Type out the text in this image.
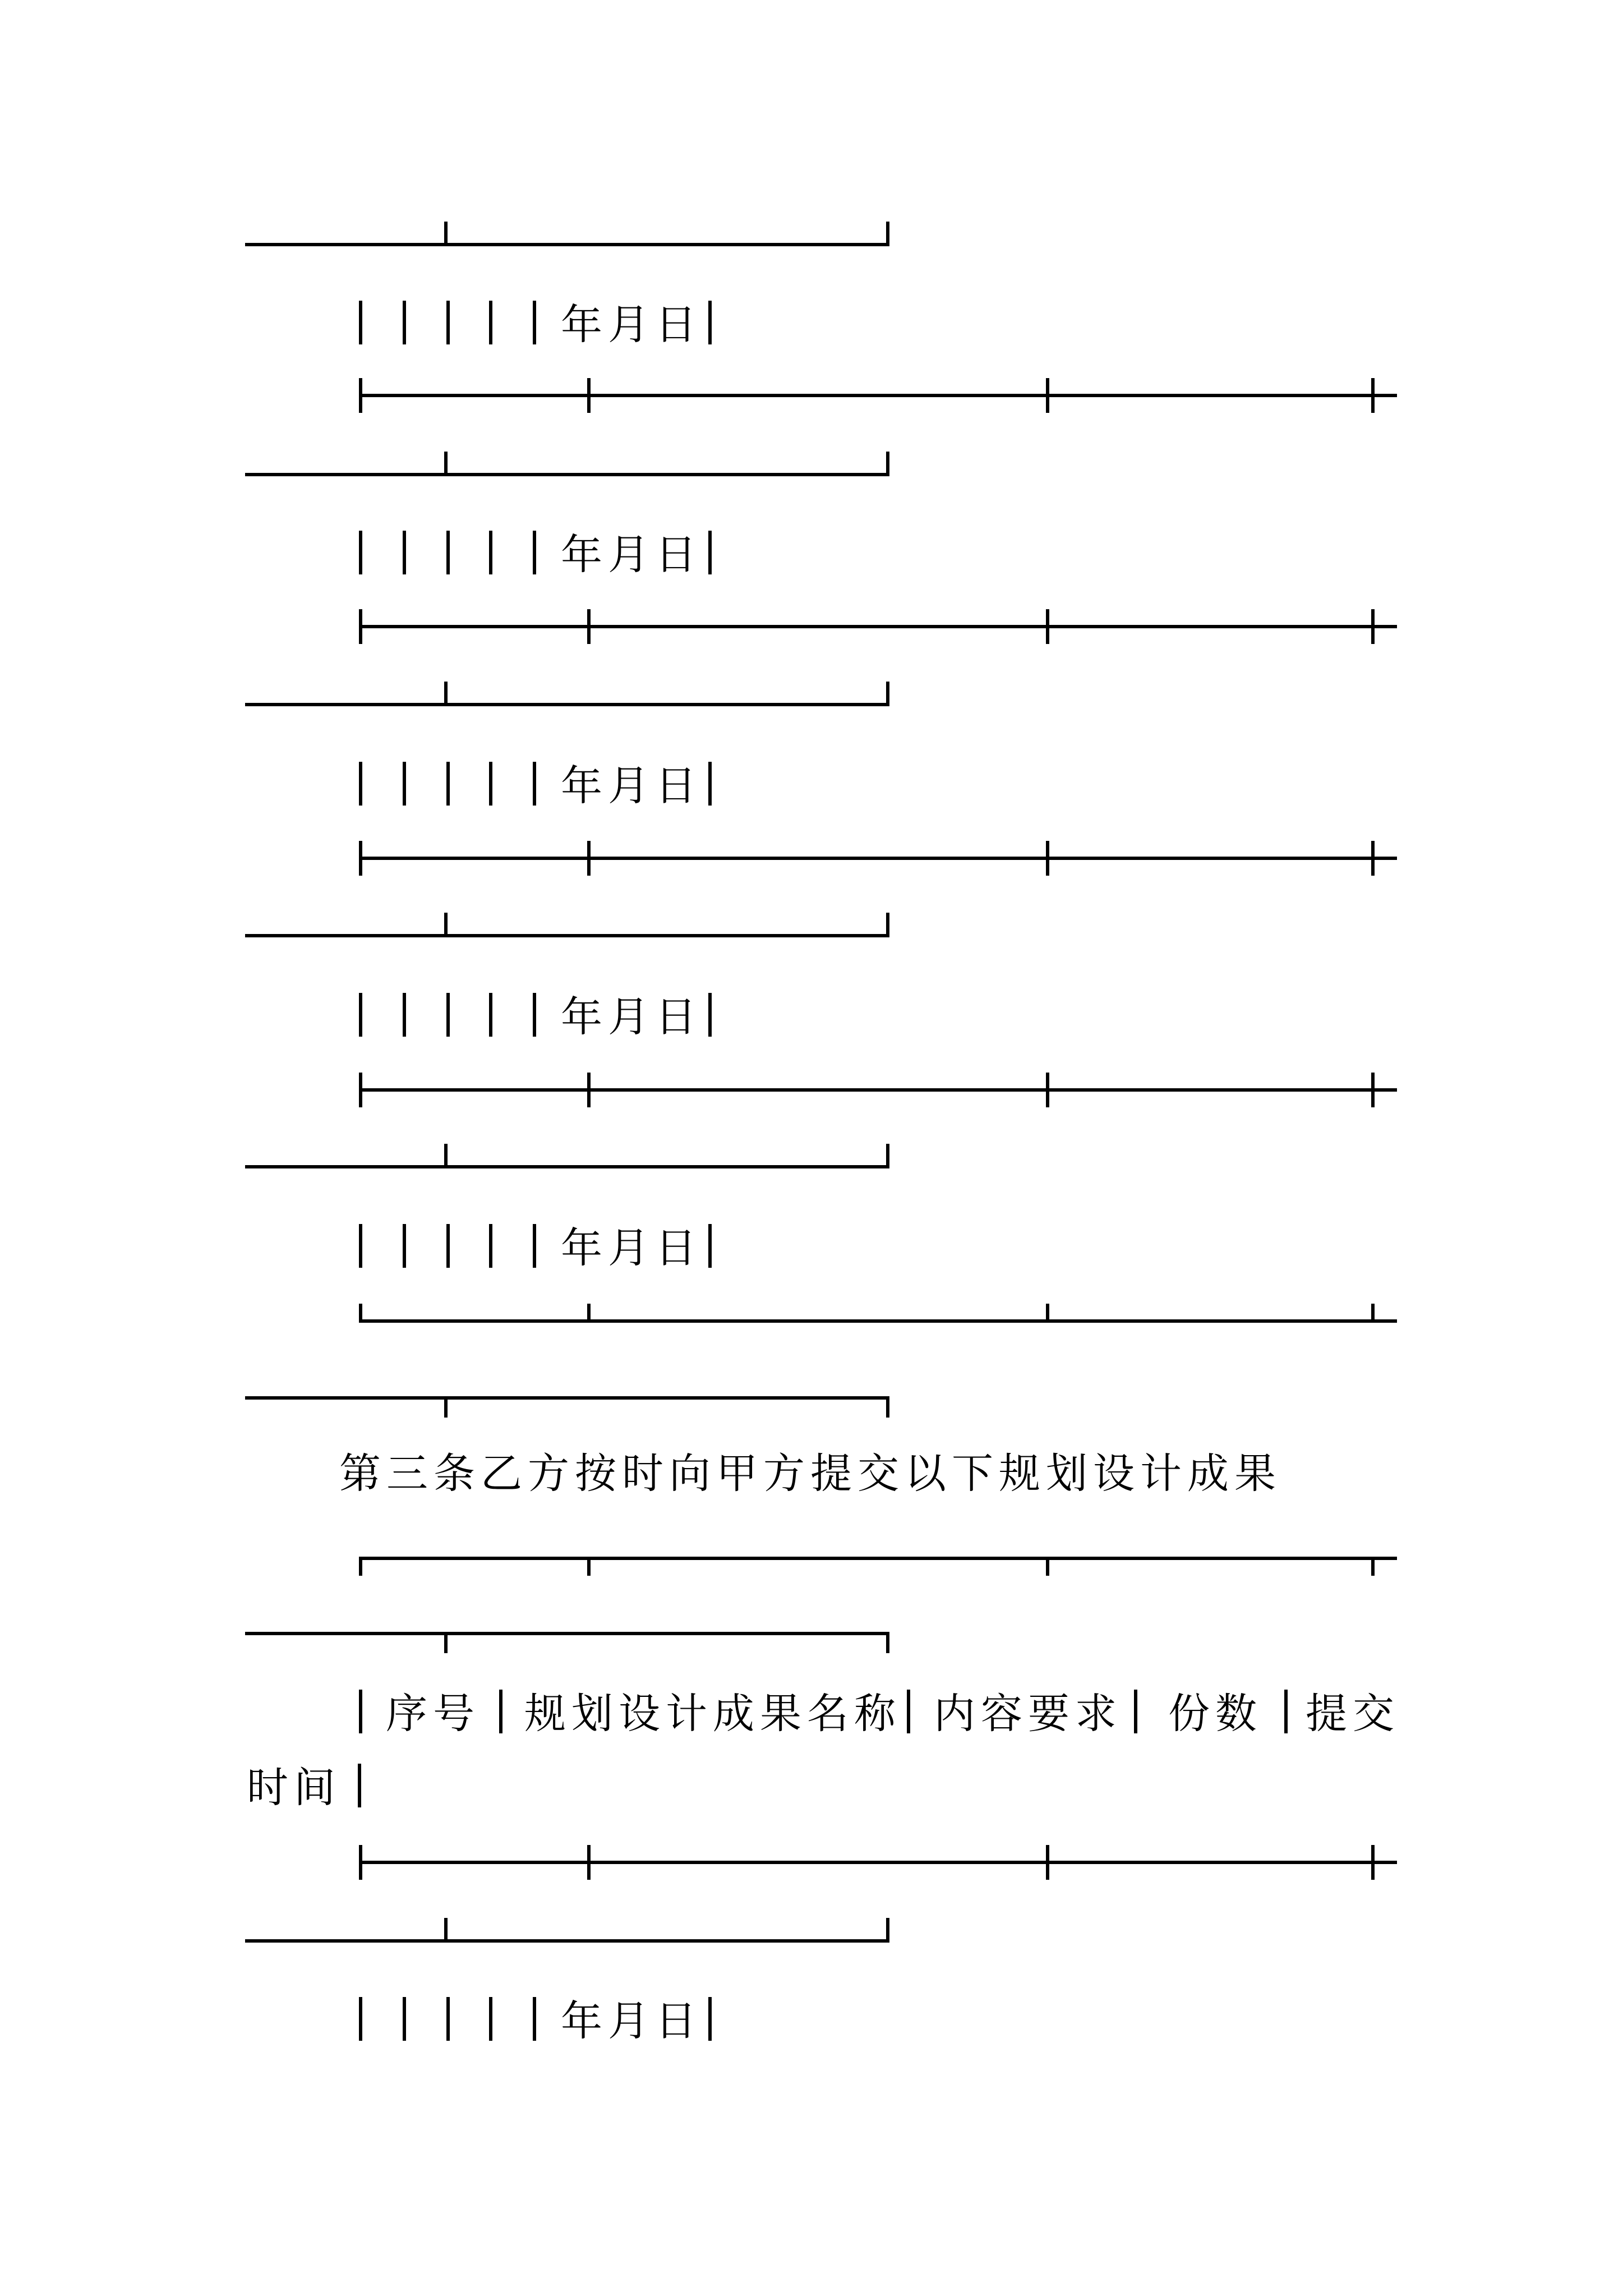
年月日
年月日
年月日
年月日
年月日
第三条乙方按时向甲方提交以下规划设计成果
序号 规划设计成果名称 内容要求 份数 提交
时间
年月日
